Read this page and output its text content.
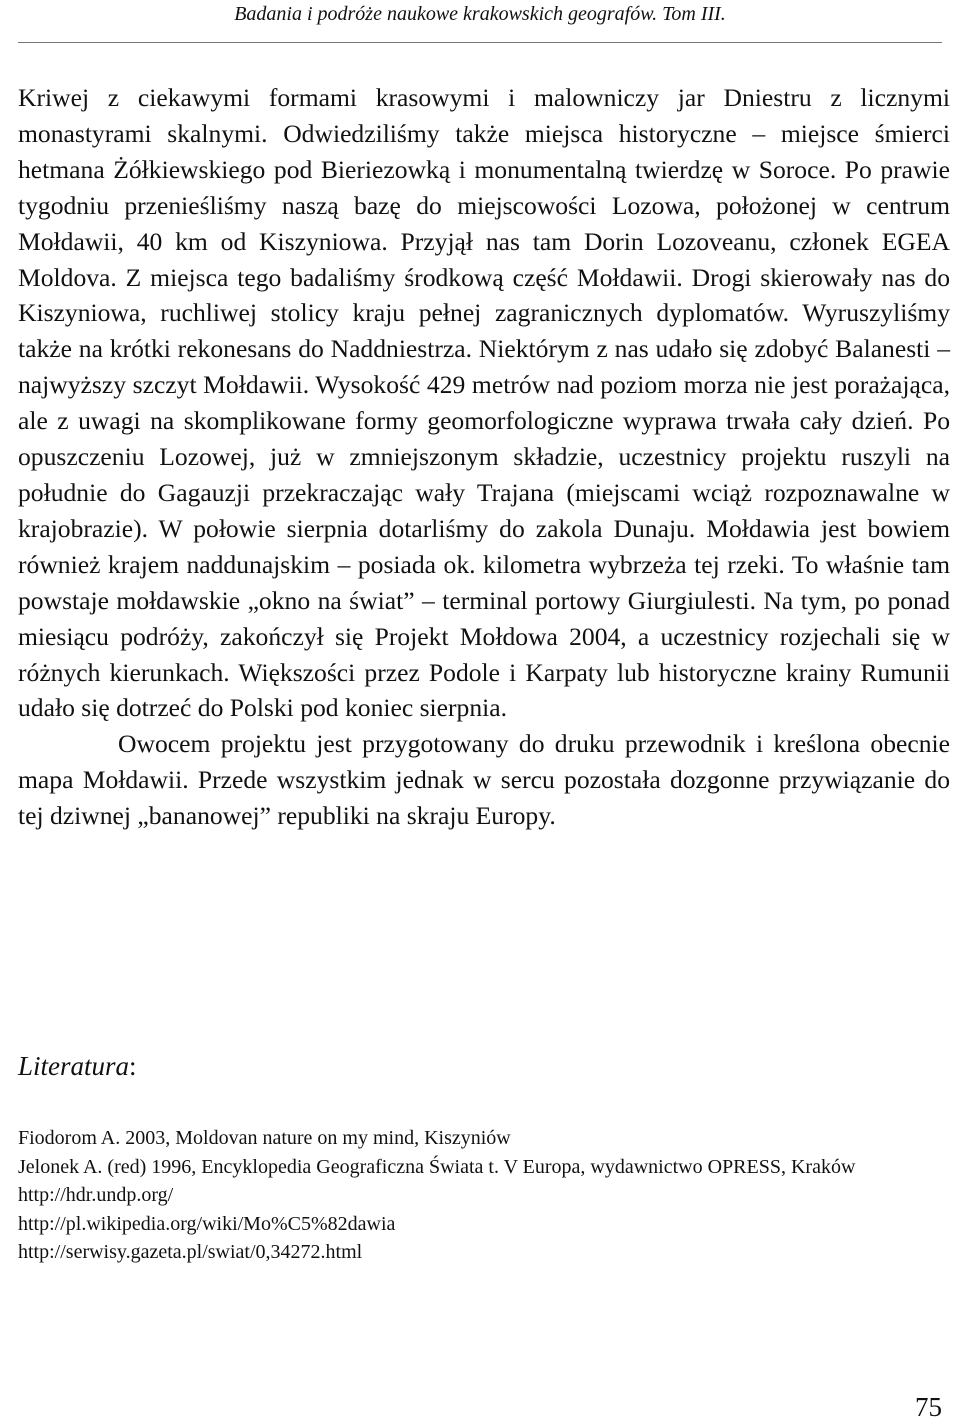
Badania i podróże naukowe krakowskich geografów. Tom III.

Kriwej z ciekawymi formami krasowymi i malowniczy jar Dniestru z licznymi monastyrami skalnymi. Odwiedziliśmy także miejsca historyczne – miejsce śmierci hetmana Żółkiewskiego pod Bieriezowką i monumentalną twierdzę w Soroce. Po prawie tygodniu przenieśliśmy naszą bazę do miejscowości Lozowa, położonej w centrum Mołdawii, 40 km od Kiszyniowa. Przyjął nas tam Dorin Lozoveanu, członek EGEA Moldova. Z miejsca tego badaliśmy środkową część Mołdawii. Drogi skierowały nas do Kiszyniowa, ruchliwej stolicy kraju pełnej zagranicznych dyplomatów. Wyruszyliśmy także na krótki rekonesans do Naddniestrza. Niektórym z nas udało się zdobyć Balanesti – najwyższy szczyt Mołdawii. Wysokość 429 metrów nad poziom morza nie jest porażająca, ale z uwagi na skomplikowane formy geomorfologiczne wyprawa trwała cały dzień. Po opuszczeniu Lozowej, już w zmniejszonym składzie, uczestnicy projektu ruszyli na południe do Gagauzji przekraczając wały Trajana (miejscami wciąż rozpoznawalne w krajobrazie). W połowie sierpnia dotarliśmy do zakola Dunaju. Mołdawia jest bowiem również krajem naddunajskim – posiada ok. kilometra wybrzeża tej rzeki. To właśnie tam powstaje mołdawskie „okno na świat” – terminal portowy Giurgiulesti. Na tym, po ponad miesiącu podróży, zakończył się Projekt Mołdowa 2004, a uczestnicy rozjechali się w różnych kierunkach. Większości przez Podole i Karpaty lub historyczne krainy Rumunii udało się dotrzeć do Polski pod koniec sierpnia.

Owocem projektu jest przygotowany do druku przewodnik i kreślona obecnie mapa Mołdawii. Przede wszystkim jednak w sercu pozostała dozgonne przywiązanie do tej dziwnej „bananowej” republiki na skraju Europy.

Literatura:
Fiodorom A. 2003, Moldovan nature on my mind, Kiszyniów
Jelonek A. (red) 1996, Encyklopedia Geograficzna Świata t. V Europa, wydawnictwo OPRESS, Kraków
http://hdr.undp.org/
http://pl.wikipedia.org/wiki/Mo%C5%82dawia
http://serwisy.gazeta.pl/swiat/0,34272.html
75
